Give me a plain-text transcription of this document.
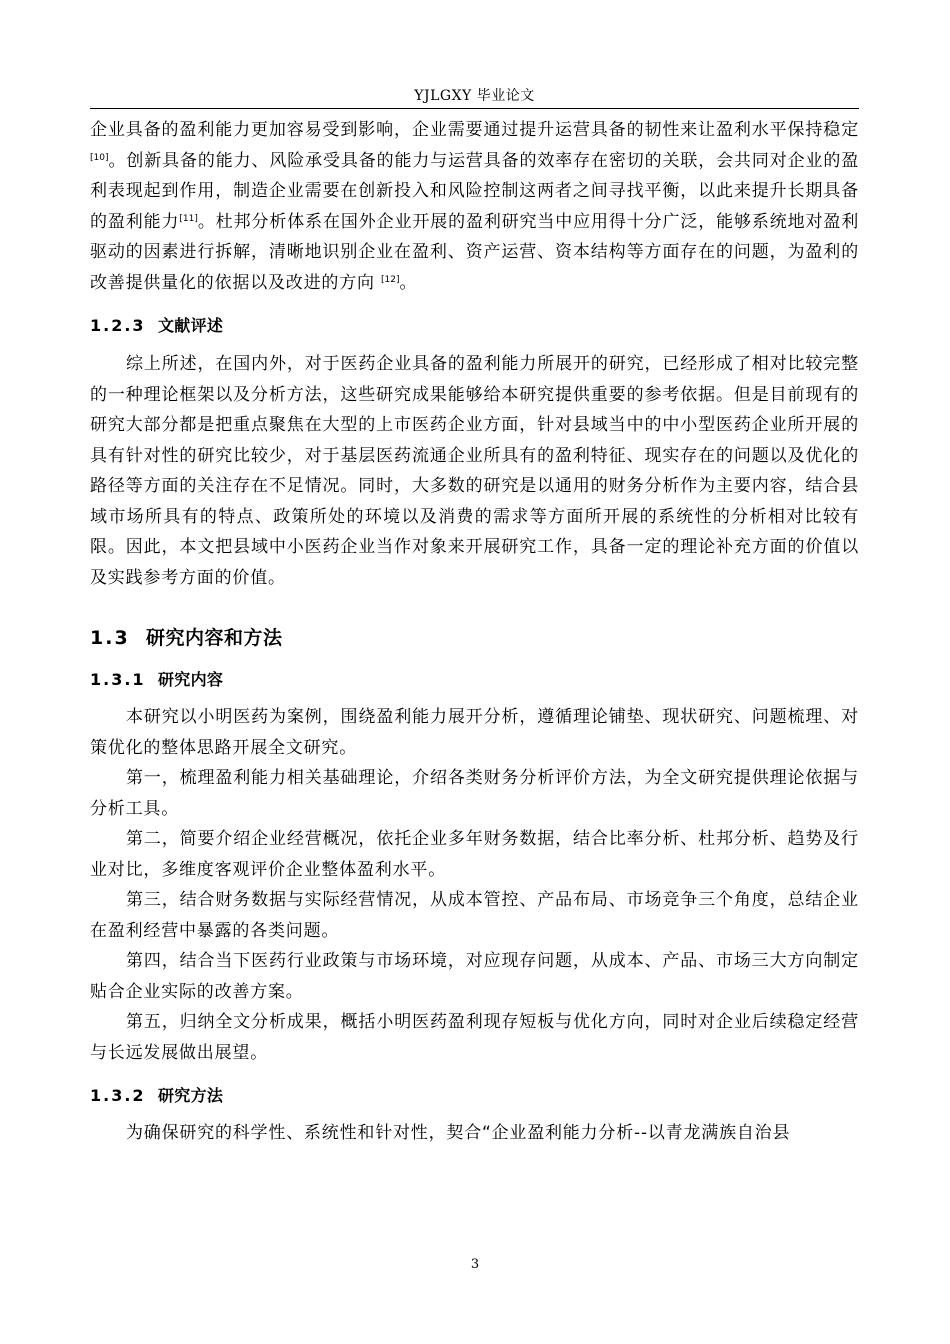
YJLGXY 毕业论文

企业具备的盈利能力更加容易受到影响，企业需要通过提升运营具备的韧性来让盈利水平保持稳定[10]。创新具备的能力、风险承受具备的能力与运营具备的效率存在密切的关联，会共同对企业的盈利表现起到作用，制造企业需要在创新投入和风险控制这两者之间寻找平衡，以此来提升长期具备的盈利能力[11]。杜邦分析体系在国外企业开展的盈利研究当中应用得十分广泛，能够系统地对盈利驱动的因素进行拆解，清晰地识别企业在盈利、资产运营、资本结构等方面存在的问题，为盈利的改善提供量化的依据以及改进的方向 [12]。

1.2.3 文献评述

综上所述，在国内外，对于医药企业具备的盈利能力所展开的研究，已经形成了相对比较完整的一种理论框架以及分析方法，这些研究成果能够给本研究提供重要的参考依据。但是目前现有的研究大部分都是把重点聚焦在大型的上市医药企业方面，针对县域当中的中小型医药企业所开展的具有针对性的研究比较少，对于基层医药流通企业所具有的盈利特征、现实存在的问题以及优化的路径等方面的关注存在不足情况。同时，大多数的研究是以通用的财务分析作为主要内容，结合县域市场所具有的特点、政策所处的环境以及消费的需求等方面所开展的系统性的分析相对比较有限。因此，本文把县域中小医药企业当作对象来开展研究工作，具备一定的理论补充方面的价值以及实践参考方面的价值。

1.3 研究内容和方法
1.3.1 研究内容

本研究以小明医药为案例，围绕盈利能力展开分析，遵循理论铺垫、现状研究、问题梳理、对策优化的整体思路开展全文研究。

第一，梳理盈利能力相关基础理论，介绍各类财务分析评价方法，为全文研究提供理论依据与分析工具。

第二，简要介绍企业经营概况，依托企业多年财务数据，结合比率分析、杜邦分析、趋势及行业对比，多维度客观评价企业整体盈利水平。

第三，结合财务数据与实际经营情况，从成本管控、产品布局、市场竞争三个角度，总结企业在盈利经营中暴露的各类问题。

第四，结合当下医药行业政策与市场环境，对应现存问题，从成本、产品、市场三大方向制定贴合企业实际的改善方案。

第五，归纳全文分析成果，概括小明医药盈利现存短板与优化方向，同时对企业后续稳定经营与长远发展做出展望。

1.3.2 研究方法

为确保研究的科学性、系统性和针对性，契合“企业盈利能力分析--以青龙满族自治县

3
